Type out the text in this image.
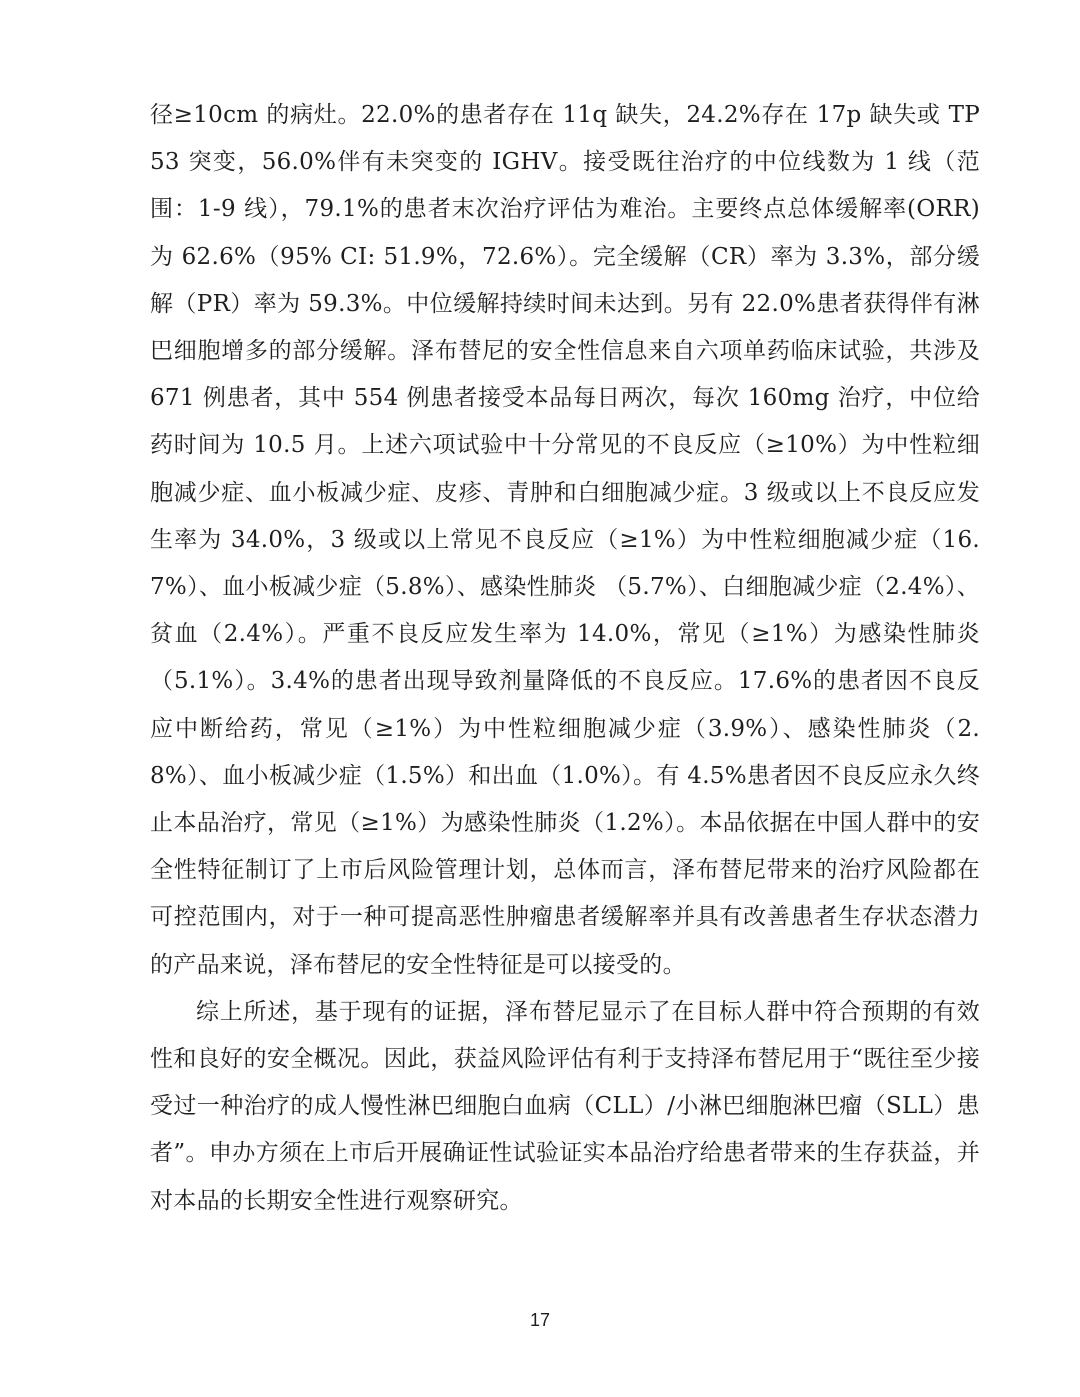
径≥10cm 的病灶。22.0%的患者存在 11q 缺失，24.2%存在 17p 缺失或 TP53 突变，56.0%伴有未突变的 IGHV。接受既往治疗的中位线数为 1 线（范围：1-9 线），79.1%的患者末次治疗评估为难治。主要终点总体缓解率(ORR)为 62.6%（95% CI: 51.9%，72.6%）。完全缓解（CR）率为 3.3%，部分缓解（PR）率为 59.3%。中位缓解持续时间未达到。另有 22.0%患者获得伴有淋巴细胞增多的部分缓解。泽布替尼的安全性信息来自六项单药临床试验，共涉及 671 例患者，其中 554 例患者接受本品每日两次，每次 160mg 治疗，中位给药时间为 10.5 月。上述六项试验中十分常见的不良反应（≥10%）为中性粒细胞减少症、血小板减少症、皮疹、青肿和白细胞减少症。3 级或以上不良反应发生率为 34.0%，3 级或以上常见不良反应（≥1%）为中性粒细胞减少症（16.7%）、血小板减少症（5.8%）、感染性肺炎 （5.7%）、白细胞减少症（2.4%）、贫血（2.4%）。严重不良反应发生率为 14.0%，常见（≥1%）为感染性肺炎（5.1%）。3.4%的患者出现导致剂量降低的不良反应。17.6%的患者因不良反应中断给药，常见（≥1%）为中性粒细胞减少症（3.9%）、感染性肺炎（2.8%）、血小板减少症（1.5%）和出血（1.0%）。有 4.5%患者因不良反应永久终止本品治疗，常见（≥1%）为感染性肺炎（1.2%）。本品依据在中国人群中的安全性特征制订了上市后风险管理计划，总体而言，泽布替尼带来的治疗风险都在可控范围内，对于一种可提高恶性肿瘤患者缓解率并具有改善患者生存状态潜力的产品来说，泽布替尼的安全性特征是可以接受的。

综上所述，基于现有的证据，泽布替尼显示了在目标人群中符合预期的有效性和良好的安全概况。因此，获益风险评估有利于支持泽布替尼用于“既往至少接受过一种治疗的成人慢性淋巴细胞白血病（CLL）/小淋巴细胞淋巴瘤（SLL）患者”。申办方须在上市后开展确证性试验证实本品治疗给患者带来的生存获益，并对本品的长期安全性进行观察研究。

17
